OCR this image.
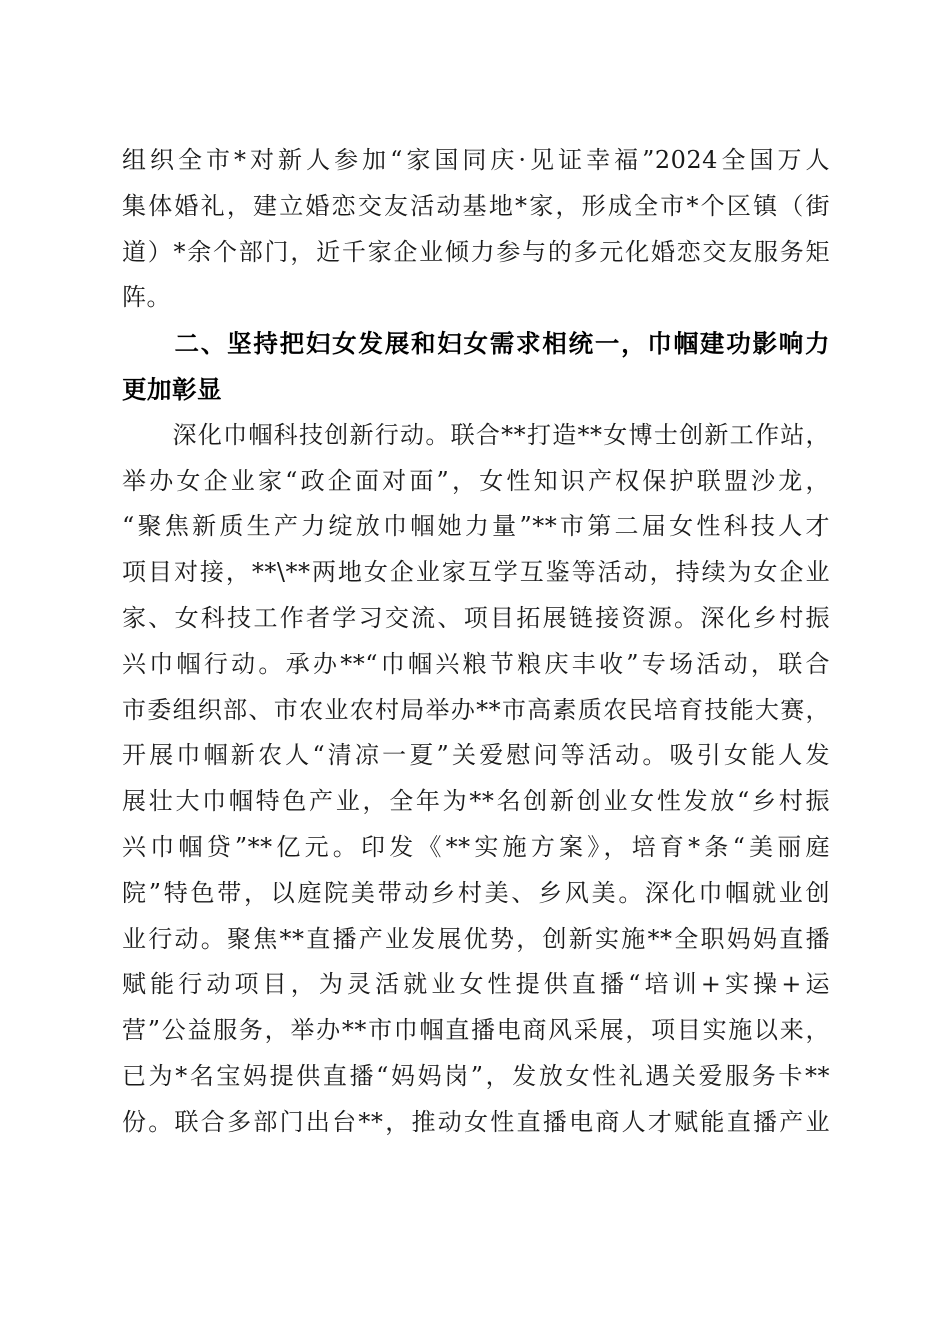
组织全市*对新人参加“家国同庆·见证幸福”2024全国万人
集体婚礼，建立婚恋交友活动基地*家，形成全市*个区镇（街
道）*余个部门，近千家企业倾力参与的多元化婚恋交友服务矩
阵。
　　二、坚持把妇女发展和妇女需求相统一，巾帼建功影响力
更加彰显
　　深化巾帼科技创新行动。联合**打造**女博士创新工作站，
举办女企业家“政企面对面”，女性知识产权保护联盟沙龙，
“聚焦新质生产力绽放巾帼她力量”**市第二届女性科技人才
项目对接，**\**两地女企业家互学互鉴等活动，持续为女企业
家、女科技工作者学习交流、项目拓展链接资源。深化乡村振
兴巾帼行动。承办**“巾帼兴粮节粮庆丰收”专场活动，联合
市委组织部、市农业农村局举办**市高素质农民培育技能大赛，
开展巾帼新农人“清凉一夏”关爱慰问等活动。吸引女能人发
展壮大巾帼特色产业，全年为**名创新创业女性发放“乡村振
兴巾帼贷”**亿元。印发《**实施方案》，培育*条“美丽庭
院”特色带，以庭院美带动乡村美、乡风美。深化巾帼就业创
业行动。聚焦**直播产业发展优势，创新实施**全职妈妈直播
赋能行动项目，为灵活就业女性提供直播“培训+实操+运
营”公益服务，举办**市巾帼直播电商风采展，项目实施以来，
已为*名宝妈提供直播“妈妈岗”，发放女性礼遇关爱服务卡**
份。联合多部门出台**，推动女性直播电商人才赋能直播产业
